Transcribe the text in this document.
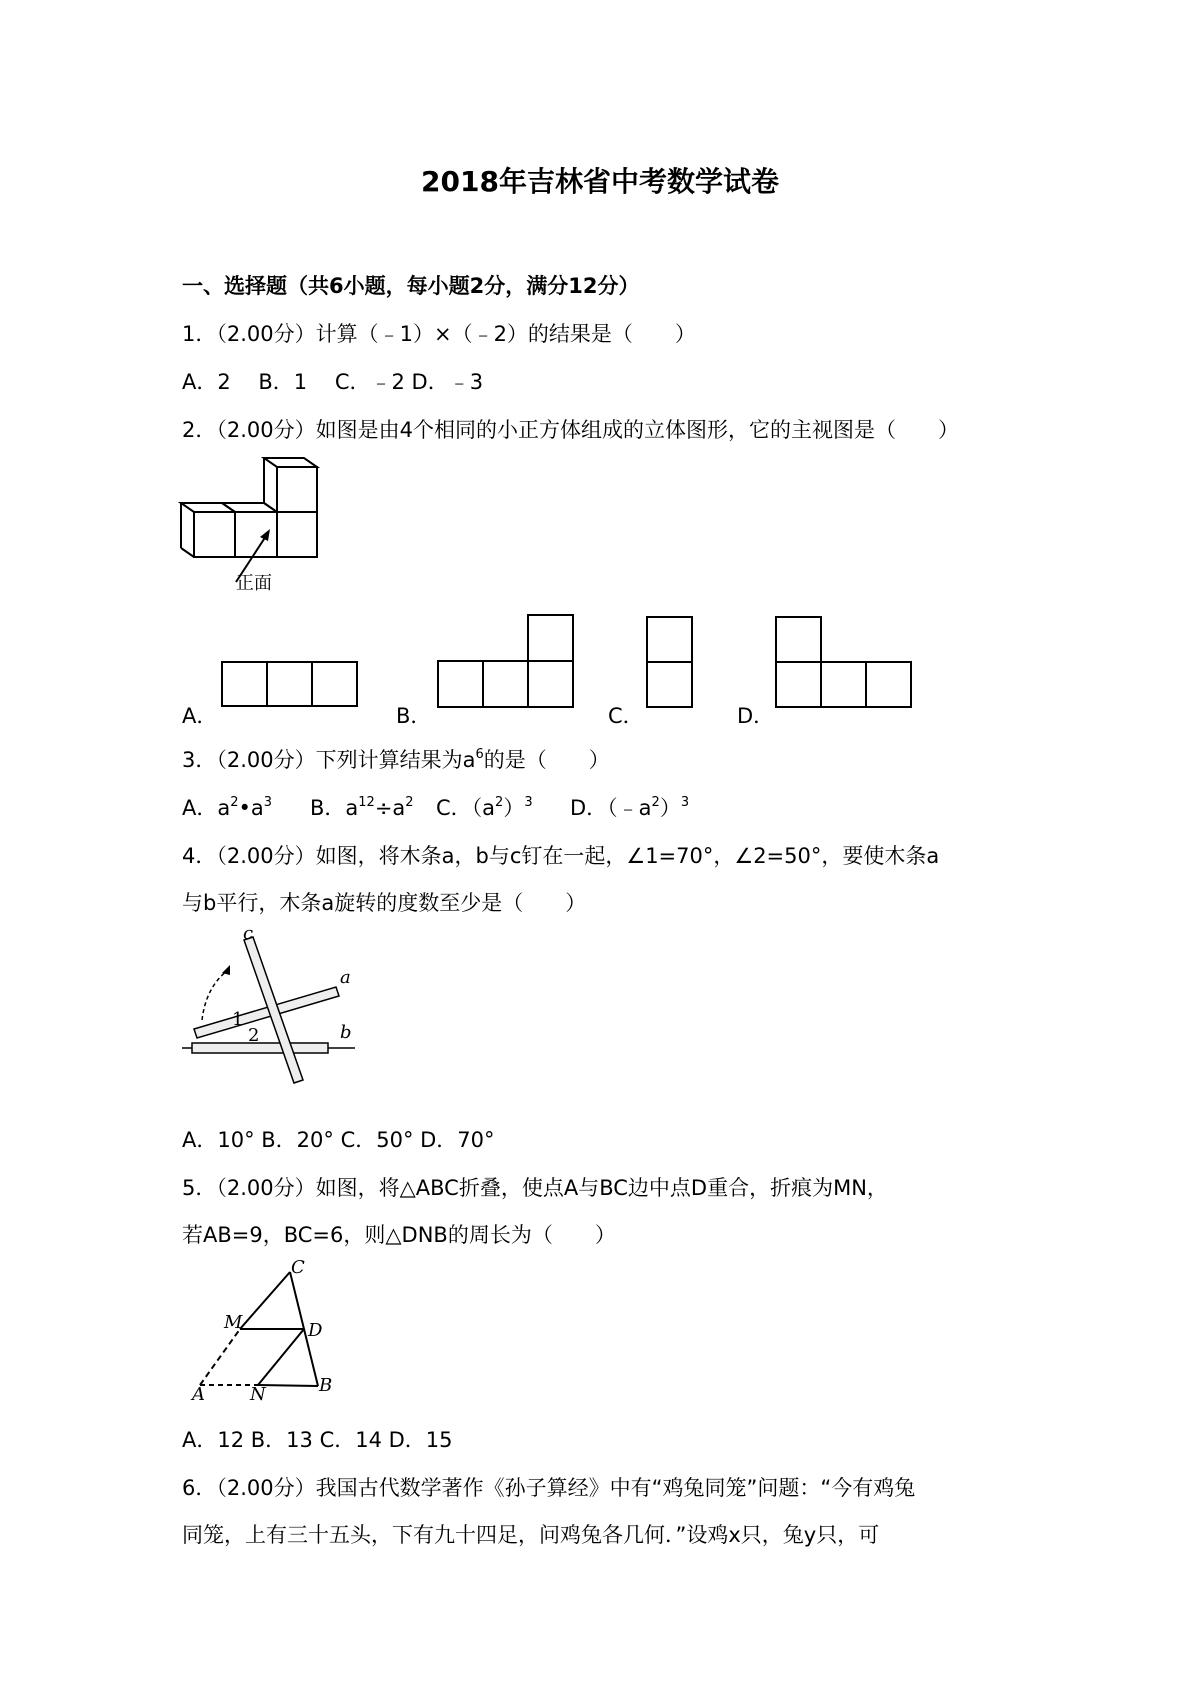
2018年吉林省中考数学试卷
一、选择题（共6小题，每小题2分，满分12分）
1．（2.00分）计算（﹣1）×（﹣2）的结果是（　　）
A．2　 B．1　 C．﹣2 D．﹣3
2．（2.00分）如图是由4个相同的小正方体组成的立体图形，它的主视图是（　　）
正面
A．	B．	C．	D．
3．（2.00分）下列计算结果为$a^6$的是（　　）
A．$a^2•a^3$ B．$a^{12}\div a^2$ C．$(a^2)^3$ D．$(﹣a^2)^3$
4．（2.00分）如图，将木条a，b与c钉在一起，∠1=70°，∠2=50°，要使木条a
与b平行，木条a旋转的度数至少是（　　）
c
a
b
1
2
A．10° B．20° C．50° D．70°
5．（2.00分）如图，将△ABC折叠，使点A与BC边中点D重合，折痕为MN，
若AB=9，BC=6，则△DNB的周长为（　　）
C
M	D
A	N	B
A．12 B．13 C．14 D．15
6．（2.00分）我国古代数学著作《孙子算经》中有“鸡兔同笼”问题：“今有鸡兔
同笼，上有三十五头，下有九十四足，问鸡兔各几何．”设鸡x只，兔y只，可
